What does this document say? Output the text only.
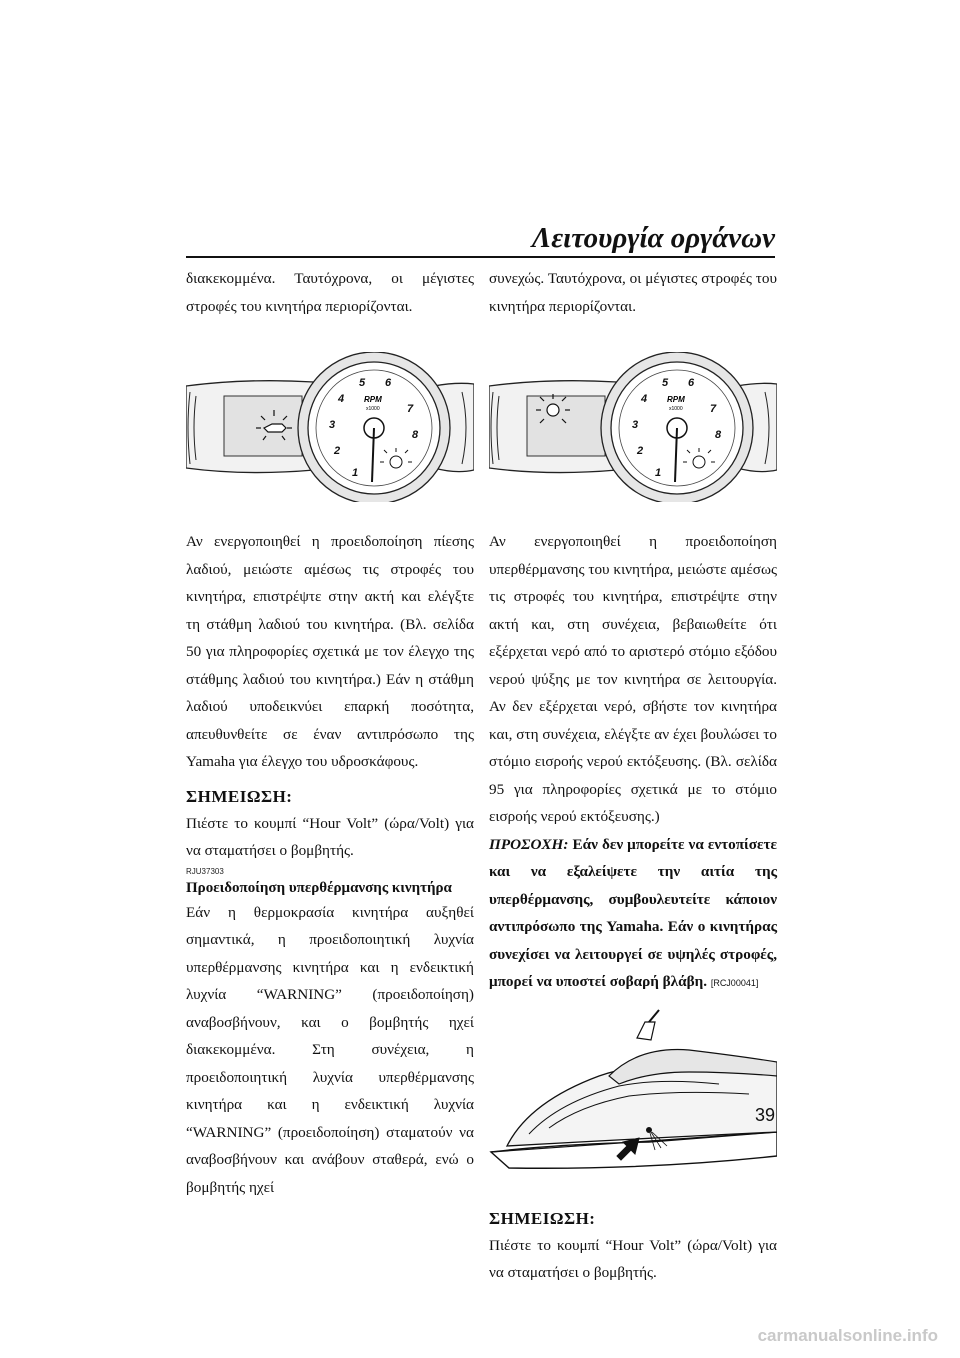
Λειτουργία οργάνων

διακεκομμένα. Ταυτόχρονα, οι μέγιστες στροφές του κινητήρα περιορίζονται.

1
2
3
4
5 6
7
8
RPM
x1000

Αν ενεργοποιηθεί η προειδοποίηση πίεσης λαδιού, μειώστε αμέσως τις στροφές του κινητήρα, επιστρέψτε στην ακτή και ελέγξτε τη στάθμη λαδιού του κινητήρα. (Βλ. σελίδα 50 για πληροφορίες σχετικά με τον έλεγχο της στάθμης λαδιού του κινητήρα.) Εάν η στάθμη λαδιού υποδεικνύει επαρκή ποσότητα, απευθυνθείτε σε έναν αντιπρόσωπο της Yamaha για έλεγχο του υδροσκάφους.

ΣΗΜΕΙΩΣΗ:

Πιέστε το κουμπί “Hour Volt” (ώρα/Volt) για να σταματήσει ο βομβητής.

RJU37303
Προειδοποίηση υπερθέρμανσης κινητήρα

Εάν η θερμοκρασία κινητήρα αυξηθεί σημαντικά, η προειδοποιητική λυχνία υπερθέρμανσης κινητήρα και η ενδεικτική λυχνία “WARNING” (προειδοποίηση) αναβοσβήνουν, και ο βομβητής ηχεί διακεκομμένα. Στη συνέχεια, η προειδοποιητική λυχνία υπερθέρμανσης κινητήρα και η ενδεικτική λυχνία “WARNING” (προειδοποίηση) σταματούν να αναβοσβήνουν και ανάβουν σταθερά, ενώ ο βομβητής ηχεί

συνεχώς. Ταυτόχρονα, οι μέγιστες στροφές του κινητήρα περιορίζονται.

1
2
3
4
5 6
7
8
RPM
x1000

Αν ενεργοποιηθεί η προειδοποίηση υπερθέρμανσης του κινητήρα, μειώστε αμέσως τις στροφές του κινητήρα, επιστρέψτε στην ακτή και, στη συνέχεια, βεβαιωθείτε ότι εξέρχεται νερό από το αριστερό στόμιο εξόδου νερού ψύξης με τον κινητήρα σε λειτουργία. Αν δεν εξέρχεται νερό, σβήστε τον κινητήρα και, στη συνέχεια, ελέγξτε αν έχει βουλώσει το στόμιο εισροής νερού εκτόξευσης. (Βλ. σελίδα 95 για πληροφορίες σχετικά με το στόμιο εισροής νερού εκτόξευσης.)

ΠΡΟΣΟΧΗ: Εάν δεν μπορείτε να εντοπίσετε και να εξαλείψετε την αιτία της υπερθέρμανσης, συμβουλευτείτε κάποιον αντιπρόσωπο της Yamaha. Εάν ο κινητήρας συνεχίσει να λειτουργεί σε υψηλές στροφές, μπορεί να υποστεί σοβαρή βλάβη. [RCJ00041]

ΣΗΜΕΙΩΣΗ:

Πιέστε το κουμπί “Hour Volt” (ώρα/Volt) για να σταματήσει ο βομβητής.

39
carmanualsonline.info
